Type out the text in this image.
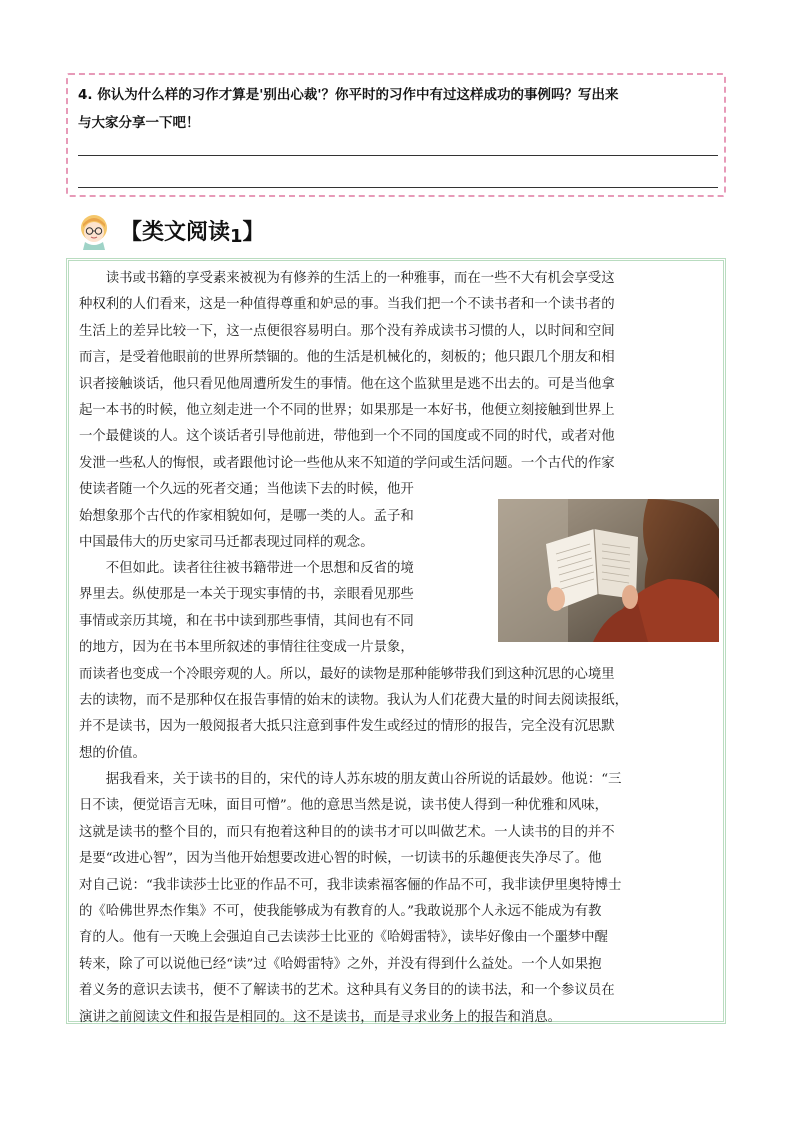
4. 你认为什么样的习作才算是'别出心裁'？你平时的习作中有过这样成功的事例吗？写出来
与大家分享一下吧！

【类文阅读1】
　　读书或书籍的享受素来被视为有修养的生活上的一种雅事，而在一些不大有机会享受这
种权利的人们看来，这是一种值得尊重和妒忌的事。当我们把一个不读书者和一个读书者的
生活上的差异比较一下，这一点便很容易明白。那个没有养成读书习惯的人，以时间和空间
而言，是受着他眼前的世界所禁锢的。他的生活是机械化的，刻板的；他只跟几个朋友和相
识者接触谈话，他只看见他周遭所发生的事情。他在这个监狱里是逃不出去的。可是当他拿
起一本书的时候，他立刻走进一个不同的世界；如果那是一本好书，他便立刻接触到世界上
一个最健谈的人。这个谈话者引导他前进，带他到一个不同的国度或不同的时代，或者对他
发泄一些私人的悔恨，或者跟他讨论一些他从来不知道的学问或生活问题。一个古代的作家
使读者随一个久远的死者交通；当他读下去的时候，他开
始想象那个古代的作家相貌如何，是哪一类的人。孟子和
中国最伟大的历史家司马迁都表现过同样的观念。
　　不但如此。读者往往被书籍带进一个思想和反省的境
界里去。纵使那是一本关于现实事情的书，亲眼看见那些
事情或亲历其境，和在书中读到那些事情，其间也有不同
的地方，因为在书本里所叙述的事情往往变成一片景象，
而读者也变成一个冷眼旁观的人。所以，最好的读物是那种能够带我们到这种沉思的心境里
去的读物，而不是那种仅在报告事情的始末的读物。我认为人们花费大量的时间去阅读报纸，
并不是读书，因为一般阅报者大抵只注意到事件发生或经过的情形的报告，完全没有沉思默
想的价值。
　　据我看来，关于读书的目的，宋代的诗人苏东坡的朋友黄山谷所说的话最妙。他说：“三
日不读，便觉语言无味，面目可憎”。他的意思当然是说，读书使人得到一种优雅和风味，
这就是读书的整个目的，而只有抱着这种目的的读书才可以叫做艺术。一人读书的目的并不
是要“改进心智”，因为当他开始想要改进心智的时候，一切读书的乐趣便丧失净尽了。他
对自己说：“我非读莎士比亚的作品不可，我非读索福客俪的作品不可，我非读伊里奥特博士
的《哈佛世界杰作集》不可，使我能够成为有教育的人。”我敢说那个人永远不能成为有教
育的人。他有一天晚上会强迫自己去读莎士比亚的《哈姆雷特》，读毕好像由一个噩梦中醒
转来，除了可以说他已经“读”过《哈姆雷特》之外，并没有得到什么益处。一个人如果抱
着义务的意识去读书，便不了解读书的艺术。这种具有义务目的的读书法，和一个参议员在
演讲之前阅读文件和报告是相同的。这不是读书，而是寻求业务上的报告和消息。
